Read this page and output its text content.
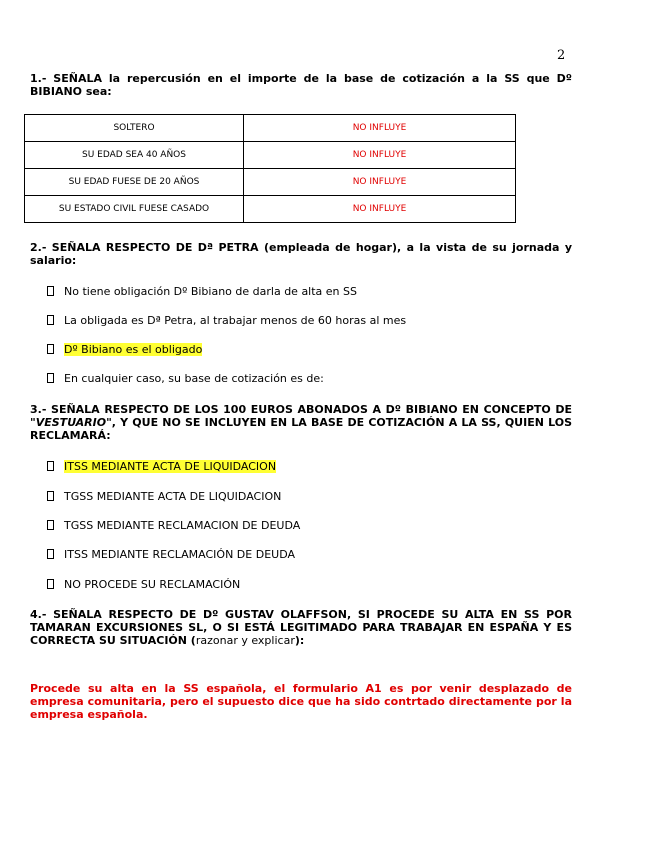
2
1.- SEÑALA la repercusión en el importe de la base de cotización a la SS que Dº BIBIANO sea:
SOLTERO	NO INFLUYE
SU EDAD SEA 40 AÑOS	NO INFLUYE
SU EDAD FUESE DE 20 AÑOS	NO INFLUYE
SU ESTADO CIVIL FUESE CASADO	NO INFLUYE
2.- SEÑALA RESPECTO DE Dª PETRA (empleada de hogar), a la vista de su jornada y salario:
No tiene obligación Dº Bibiano de darla de alta en SS
La obligada es Dª Petra, al trabajar menos de 60 horas al mes
Dº Bibiano es el obligado
En cualquier caso, su base de cotización es de:
3.- SEÑALA RESPECTO DE LOS 100 EUROS ABONADOS A Dº BIBIANO EN CONCEPTO DE "VESTUARIO", Y QUE NO SE INCLUYEN EN LA BASE DE COTIZACIÓN A LA SS, QUIEN LOS RECLAMARÁ:
ITSS MEDIANTE ACTA DE LIQUIDACION
TGSS MEDIANTE ACTA DE LIQUIDACION
TGSS MEDIANTE RECLAMACION DE DEUDA
ITSS MEDIANTE RECLAMACIÓN DE DEUDA
NO PROCEDE SU RECLAMACIÓN
4.- SEÑALA RESPECTO DE Dº GUSTAV OLAFFSON, SI PROCEDE SU ALTA EN SS POR TAMARAN EXCURSIONES SL, O SI ESTÁ LEGITIMADO PARA TRABAJAR EN ESPAÑA Y ES CORRECTA SU SITUACIÓN (razonar y explicar):
Procede su alta en la SS española, el formulario A1 es por venir desplazado de empresa comunitaria, pero el supuesto dice que ha sido contrtado directamente por la empresa española.
